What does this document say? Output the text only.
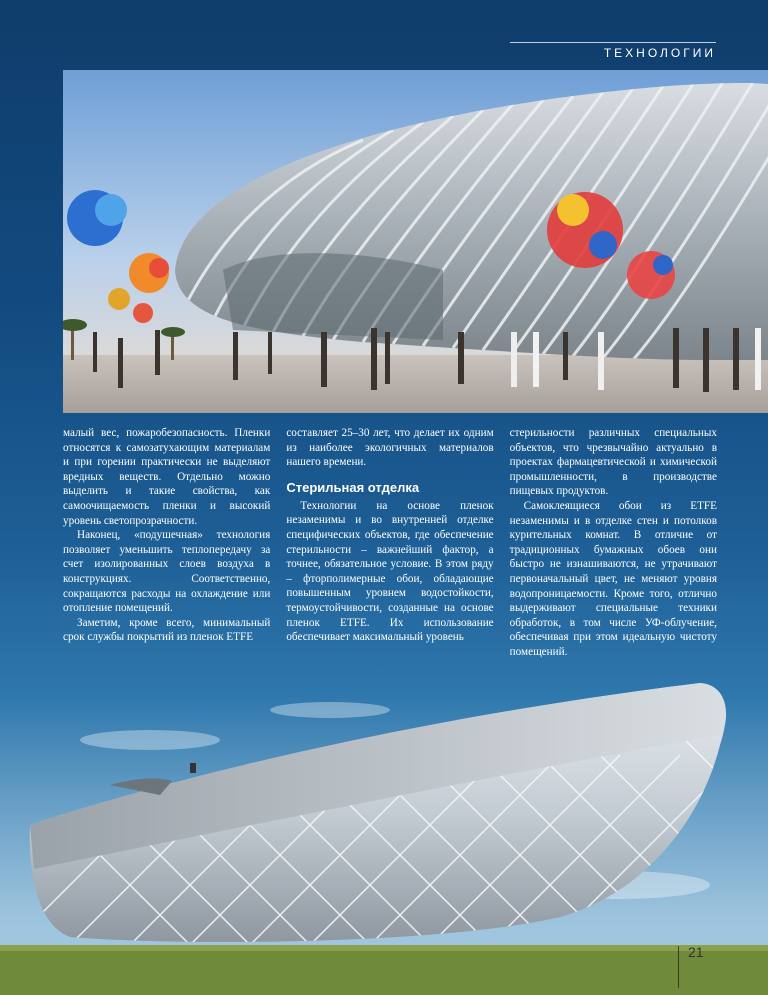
ТЕХНОЛОГИИ

малый вес, пожаробезопасность. Пленки относятся к самозатухающим материалам и при горении практически не выделяют вредных веществ. Отдельно можно выделить и такие свойства, как самоочищаемость пленки и высокий уровень светопрозрачности.

Наконец, «подушечная» технология позволяет уменьшить теплопередачу за счет изолированных слоев воздуха в конструкциях. Соответственно, сокращаются расходы на охлаждение или отопление помещений.

Заметим, кроме всего, минимальный срок службы покрытий из пленок ETFE

составляет 25–30 лет, что делает их одним из наиболее экологичных материалов нашего времени.

Стерильная отделка

Технологии на основе пленок незаменимы и во внутренней отделке специфических объектов, где обеспечение стерильности – важнейший фактор, а точнее, обязательное условие. В этом ряду – фторполимерные обои, обладающие повышенным уровнем водостойкости, термоустойчивости, созданные на основе пленок ETFE. Их использование обеспечивает максимальный уровень

стерильности различных специальных объектов, что чрезвычайно актуально в проектах фармацевтической и химической промышленности, в производстве пищевых продуктов.

Самоклеящиеся обои из ETFE незаменимы и в отделке стен и потолков курительных комнат. В отличие от традиционных бумажных обоев они быстро не изнашиваются, не утрачивают первоначальный цвет, не меняют уровня водопроницаемости. Кроме того, отлично выдерживают специальные техники обработок, в том числе УФ-облучение, обеспечивая при этом идеальную чистоту помещений.

21
